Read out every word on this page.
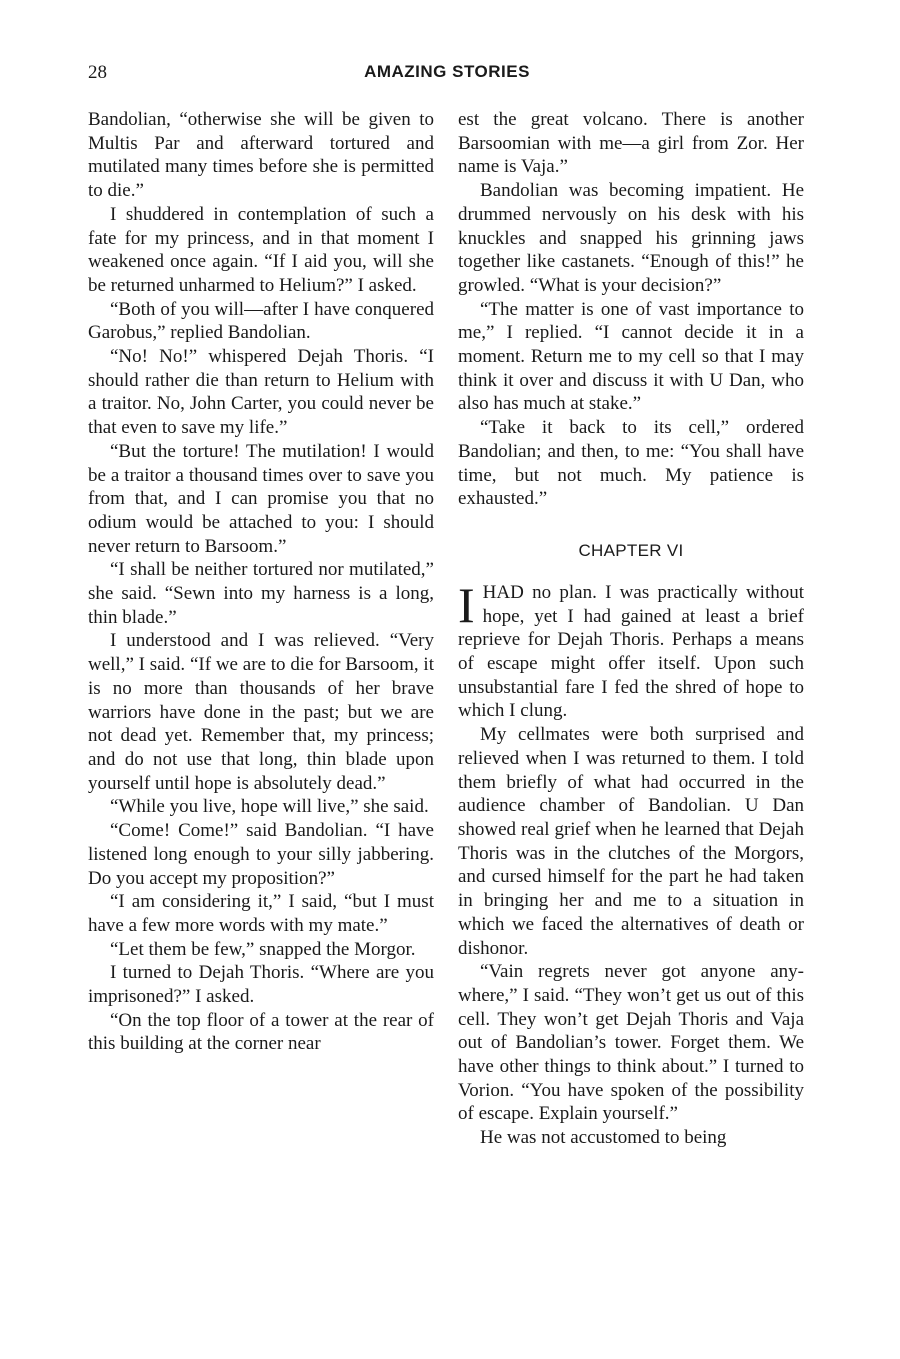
28	AMAZING STORIES

Bandolian, “otherwise she will be given to Multis Par and afterward tortured and mutilated many times before she is permitted to die.”

I shuddered in contemplation of such a fate for my princess, and in that moment I weakened once again. “If I aid you, will she be returned unharmed to Helium?” I asked.

“Both of you will—after I have conquered Garobus,” replied Bandolian.

“No! No!” whispered Dejah Thoris. “I should rather die than return to Helium with a traitor. No, John Carter, you could never be that even to save my life.”

“But the torture! The mutilation! I would be a traitor a thousand times over to save you from that, and I can promise you that no odium would be attached to you: I should never return to Barsoom.”

“I shall be neither tortured nor mutilated,” she said. “Sewn into my harness is a long, thin blade.”

I understood and I was relieved. “Very well,” I said. “If we are to die for Barsoom, it is no more than thousands of her brave warriors have done in the past; but we are not dead yet. Remember that, my princess; and do not use that long, thin blade upon yourself until hope is absolutely dead.”

“While you live, hope will live,” she said.

“Come! Come!” said Bandolian. “I have listened long enough to your silly jabbering. Do you accept my proposition?”

“I am considering it,” I said, “but I must have a few more words with my mate.”

“Let them be few,” snapped the Morgor.

I turned to Dejah Thoris. “Where are you imprisoned?” I asked.

“On the top floor of a tower at the rear of this building at the corner near

est the great volcano. There is another Barsoomian with me—a girl from Zor. Her name is Vaja.”

Bandolian was becoming impatient. He drummed nervously on his desk with his knuckles and snapped his grinning jaws together like castanets. “Enough of this!” he growled. “What is your decision?”

“The matter is one of vast importance to me,” I replied. “I cannot decide it in a moment. Return me to my cell so that I may think it over and discuss it with U Dan, who also has much at stake.”

“Take it back to its cell,” ordered Bandolian; and then, to me: “You shall have time, but not much. My patience is exhausted.”

CHAPTER VI

IHAD no plan. I was practically without hope, yet I had gained at least a brief reprieve for Dejah Thoris. Perhaps a means of escape might offer itself. Upon such unsubstantial fare I fed the shred of hope to which I clung.

My cellmates were both surprised and relieved when I was returned to them. I told them briefly of what had occurred in the audience chamber of Bandolian. U Dan showed real grief when he learned that Dejah Thoris was in the clutches of the Morgors, and cursed himself for the part he had taken in bringing her and me to a situation in which we faced the alternatives of death or dishonor.

“Vain regrets never got anyone anywhere,” I said. “They won’t get us out of this cell. They won’t get Dejah Thoris and Vaja out of Bandolian’s tower. Forget them. We have other things to think about.” I turned to Vorion. “You have spoken of the possibility of escape. Explain yourself.”

He was not accustomed to being
